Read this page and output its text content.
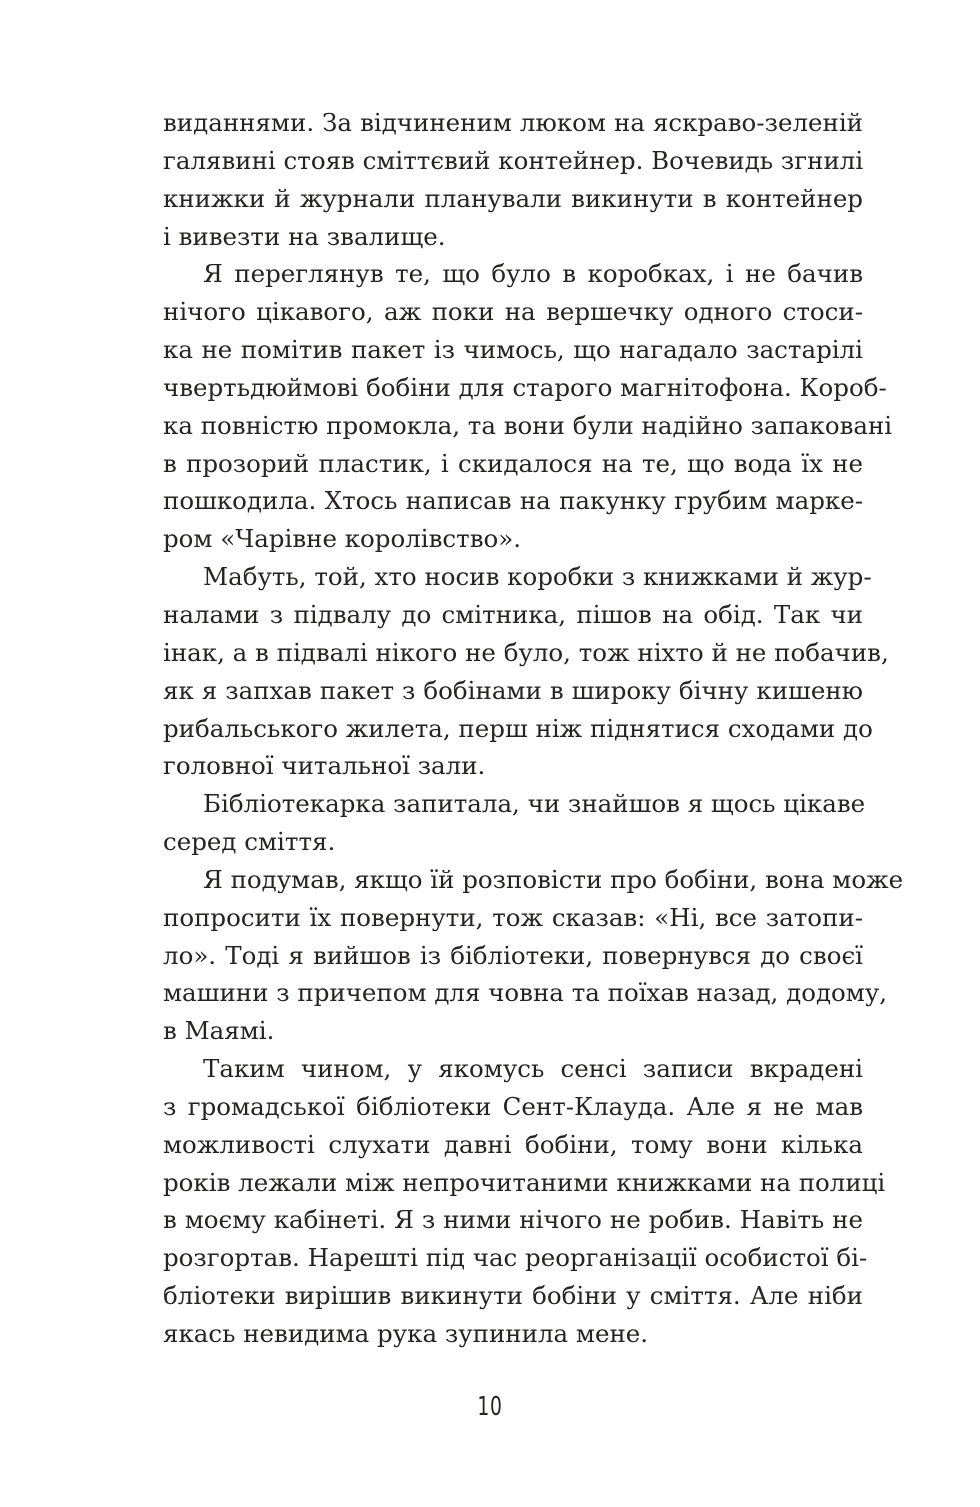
виданнями. За відчиненим люком на яскраво-зеленій
галявині стояв сміттєвий контейнер. Вочевидь згнилі
книжки й журнали планували викинути в контейнер
і вивезти на звалище.
Я переглянув те, що було в коробках, і не бачив
нічого цікавого, аж поки на вершечку одного стоси-
ка не помітив пакет із чимось, що нагадало застарілі
чвертьдюймові бобіни для старого магнітофона. Короб-
ка повністю промокла, та вони були надійно запаковані
в прозорий пластик, і скидалося на те, що вода їх не
пошкодила. Хтось написав на пакунку грубим марке-
ром «Чарівне королівство».
Мабуть, той, хто носив коробки з книжками й жур-
налами з підвалу до смітника, пішов на обід. Так чи
інак, а в підвалі нікого не було, тож ніхто й не побачив,
як я запхав пакет з бобінами в широку бічну кишеню
рибальського жилета, перш ніж піднятися сходами до
головної читальної зали.
Бібліотекарка запитала, чи знайшов я щось цікаве
серед сміття.
Я подумав, якщо їй розповісти про бобіни, вона може
попросити їх повернути, тож сказав: «Ні, все затопи-
ло». Тоді я вийшов із бібліотеки, повернувся до своєї
машини з причепом для човна та поїхав назад, додому,
в Маямі.
Таким чином, у якомусь сенсі записи вкрадені
з громадської бібліотеки Сент-Клауда. Але я не мав
можливості слухати давні бобіни, тому вони кілька
років лежали між непрочитаними книжками на полиці
в моєму кабінеті. Я з ними нічого не робив. Навіть не
розгортав. Нарешті під час реорганізації особистої бі-
бліотеки вирішив викинути бобіни у сміття. Але ніби
якась невидима рука зупинила мене.
10
